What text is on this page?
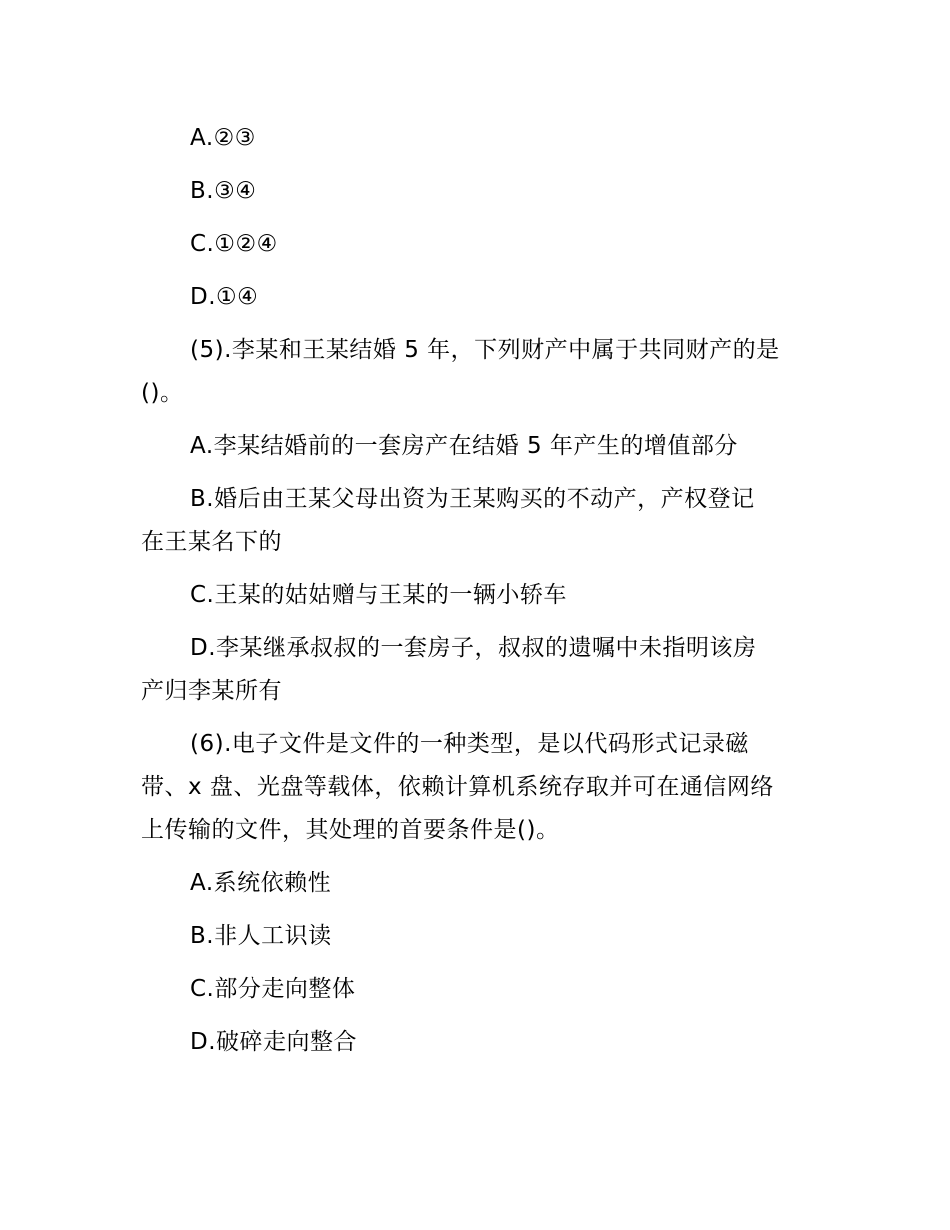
A.②③
B.③④
C.①②④
D.①④
(5).李某和王某结婚 5 年，下列财产中属于共同财产的是
()。
A.李某结婚前的一套房产在结婚 5 年产生的增值部分
B.婚后由王某父母出资为王某购买的不动产，产权登记
在王某名下的
C.王某的姑姑赠与王某的一辆小轿车
D.李某继承叔叔的一套房子，叔叔的遗嘱中未指明该房
产归李某所有
(6).电子文件是文件的一种类型，是以代码形式记录磁
带、x 盘、光盘等载体，依赖计算机系统存取并可在通信网络
上传输的文件，其处理的首要条件是()。
A.系统依赖性
B.非人工识读
C.部分走向整体
D.破碎走向整合
